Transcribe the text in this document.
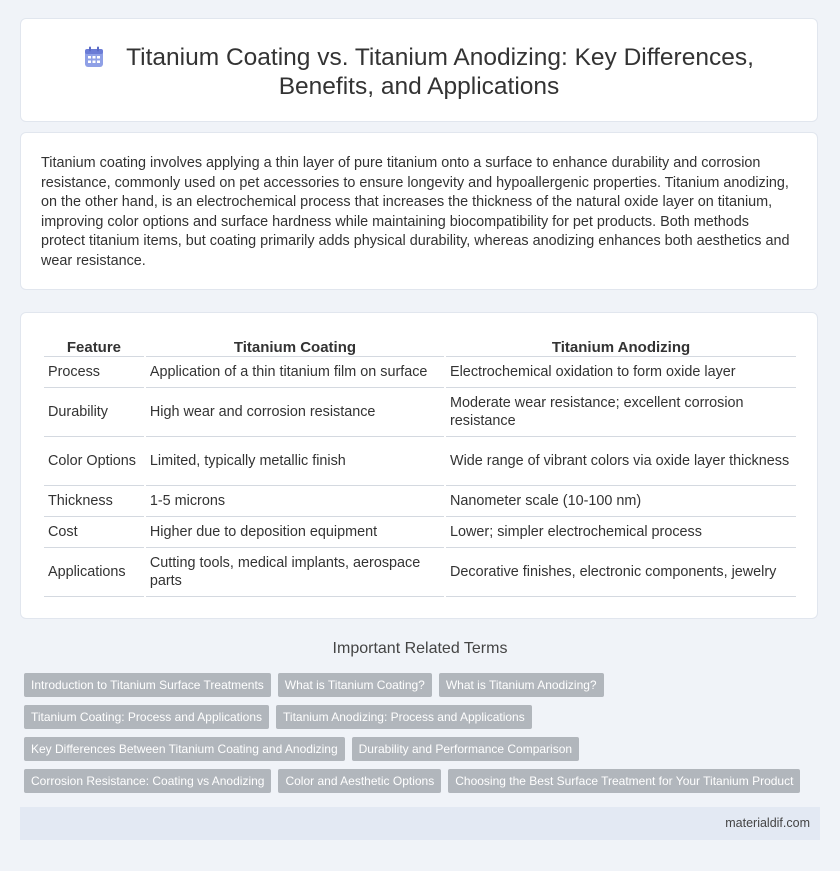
Titanium Coating vs. Titanium Anodizing: Key Differences, Benefits, and Applications

Titanium coating involves applying a thin layer of pure titanium onto a surface to enhance durability and corrosion resistance, commonly used on pet accessories to ensure longevity and hypoallergenic properties. Titanium anodizing, on the other hand, is an electrochemical process that increases the thickness of the natural oxide layer on titanium, improving color options and surface hardness while maintaining biocompatibility for pet products. Both methods protect titanium items, but coating primarily adds physical durability, whereas anodizing enhances both aesthetics and wear resistance.

Feature	Titanium Coating	Titanium Anodizing
Process	Application of a thin titanium film on surface	Electrochemical oxidation to form oxide layer
Durability	High wear and corrosion resistance	Moderate wear resistance; excellent corrosion resistance
Color Options	Limited, typically metallic finish	Wide range of vibrant colors via oxide layer thickness
Thickness	1-5 microns	Nanometer scale (10-100 nm)
Cost	Higher due to deposition equipment	Lower; simpler electrochemical process
Applications	Cutting tools, medical implants, aerospace parts	Decorative finishes, electronic components, jewelry
Important Related Terms
Introduction to Titanium Surface Treatments	What is Titanium Coating?	What is Titanium Anodizing?
Titanium Coating: Process and Applications	Titanium Anodizing: Process and Applications
Key Differences Between Titanium Coating and Anodizing	Durability and Performance Comparison
Corrosion Resistance: Coating vs Anodizing	Color and Aesthetic Options	Choosing the Best Surface Treatment for Your Titanium Product
materialdif.com
